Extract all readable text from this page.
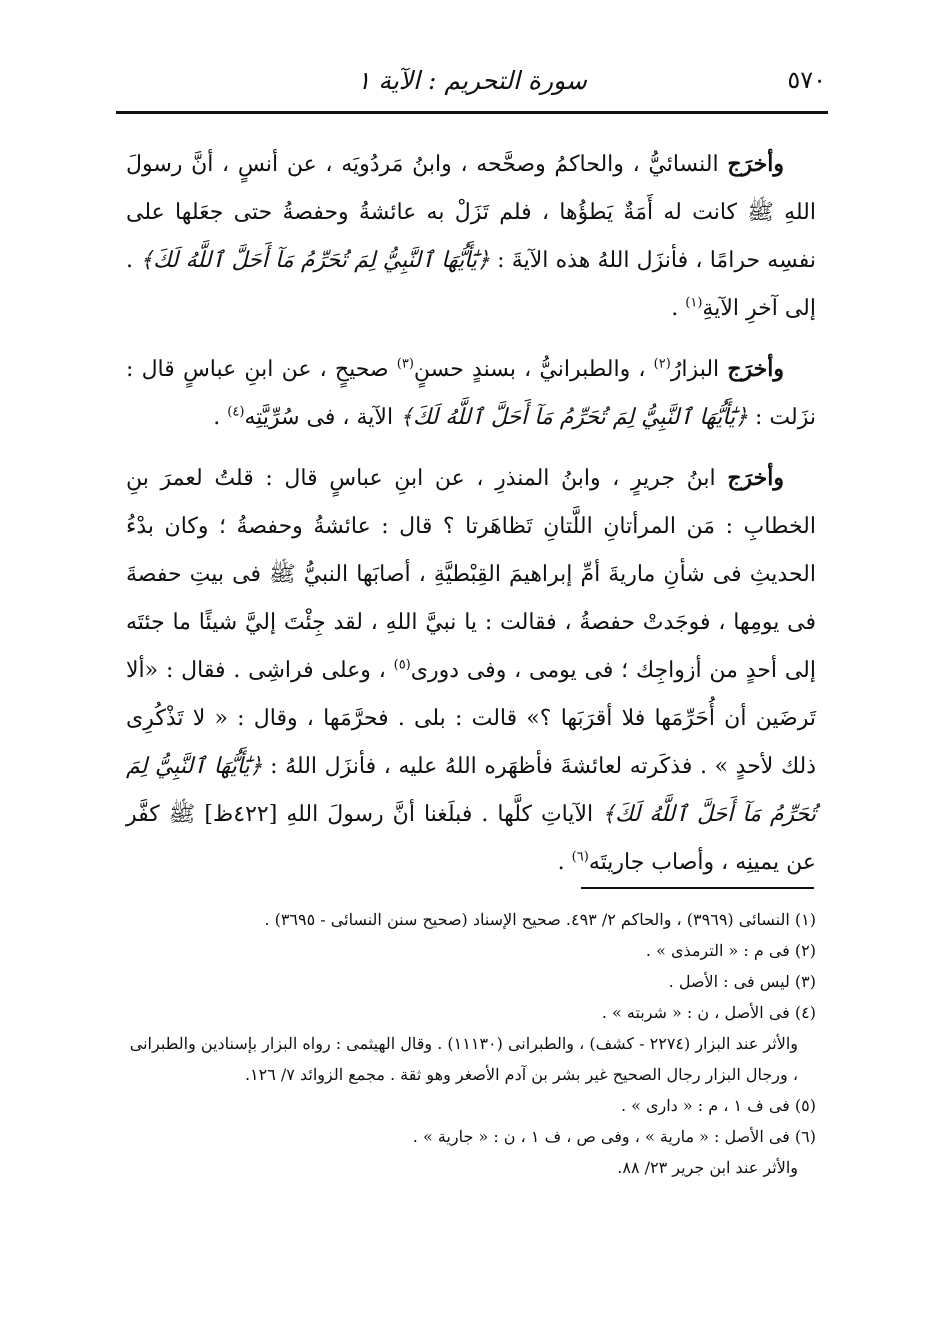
٥٧٠
سورة التحريم : الآية ١

وأخرَج النسائيُّ ، والحاكمُ وصحَّحه ، وابنُ مَردُويَه ، عن أنسٍ ، أنَّ رسولَ اللهِ ﷺ كانت له أَمَةٌ يَطؤُها ، فلم تَزَلْ به عائشةُ وحفصةُ حتى جعَلها على نفسِه حرامًا ، فأنزَل اللهُ هذه الآيةَ : ﴿يَٰٓأَيُّهَا ٱلنَّبِيُّ لِمَ تُحَرِّمُ مَآ أَحَلَّ ٱللَّهُ لَكَ﴾ . إلى آخرِ الآيةِ$^{(١)}$ .

وأخرَج البزارُ$^{(٢)}$ ، والطبرانيُّ ، بسندٍ حسنٍ$^{(٣)}$ صحيحٍ ، عن ابنِ عباسٍ قال : نزَلت : ﴿يَٰٓأَيُّهَا ٱلنَّبِيُّ لِمَ تُحَرِّمُ مَآ أَحَلَّ ٱللَّهُ لَكَ﴾ الآية ، فى سُرِّيَّتِه$^{(٤)}$ .

وأخرَج ابنُ جريرٍ ، وابنُ المنذرِ ، عن ابنِ عباسٍ قال : قلتُ لعمرَ بنِ الخطابِ : مَن المرأتانِ اللَّتانِ تَظاهَرتا ؟ قال : عائشةُ وحفصةُ ؛ وكان بدْءُ الحديثِ فى شأنِ ماريةَ أمِّ إبراهيمَ القِبْطيَّةِ ، أصابَها النبيُّ ﷺ فى بيتِ حفصةَ فى يومِها ، فوجَدتْ حفصةُ ، فقالت : يا نبيَّ اللهِ ، لقد جِئْتَ إليَّ شيئًا ما جئتَه إلى أحدٍ من أزواجِك ؛ فى يومى ، وفى دورى$^{(٥)}$ ، وعلى فراشِى . فقال : «ألا تَرضَين أن أُحَرِّمَها فلا أقرَبَها ؟» قالت : بلى . فحرَّمَها ، وقال : « لا تَذْكُرِى ذلك لأحدٍ » . فذكَرته لعائشةَ فأظهَره اللهُ عليه ، فأنزَل اللهُ : ﴿يَٰٓأَيُّهَا ٱلنَّبِيُّ لِمَ تُحَرِّمُ مَآ أَحَلَّ ٱللَّهُ لَكَ﴾ الآياتِ كلَّها . فبلَغنا أنَّ رسولَ اللهِ [٤٢٢ظ] ﷺ كفَّر عن يمينِه ، وأصاب جاريتَه$^{(٦)}$ .

(١) النسائى (٣٩٦٩) ، والحاكم ٢/ ٤٩٣. صحيح الإسناد (صحيح سنن النسائى - ٣٦٩٥) .

(٢) فى م : « الترمذى » .

(٣) ليس فى : الأصل .

(٤) فى الأصل ، ن : « شربته » .

والأثر عند البزار (٢٢٧٤ - كشف) ، والطبرانى (١١١٣٠) . وقال الهيثمى : رواه البزار بإسنادين والطبرانى ، ورجال البزار رجال الصحيح غير بشر بن آدم الأصغر وهو ثقة . مجمع الزوائد ٧/ ١٢٦.

(٥) فى ف ١ ، م : « دارى » .

(٦) فى الأصل : « مارية » ، وفى ص ، ف ١ ، ن : « جارية » .

والأثر عند ابن جرير ٢٣/ ٨٨.
